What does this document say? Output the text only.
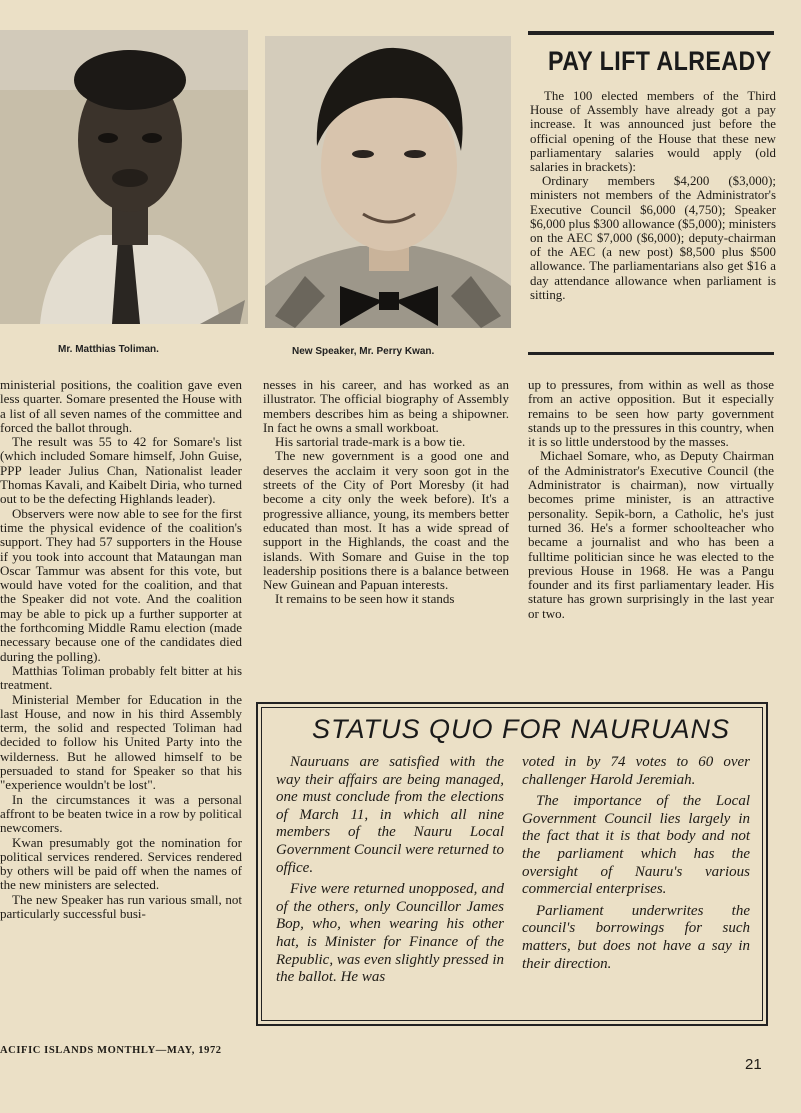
Mr. Matthias Toliman.	New Speaker, Mr. Perry Kwan.
PAY LIFT ALREADY

The 100 elected members of the Third House of Assembly have already got a pay increase. It was announced just before the official opening of the House that these new parliamentary salaries would apply (old salaries in brackets):

Ordinary members $4,200 ($3,000); ministers not members of the Administrator's Executive Council $6,000 (4,750); Speaker $6,000 plus $300 allowance ($5,000); ministers on the AEC $7,000 ($6,000); deputy-chairman of the AEC (a new post) $8,500 plus $500 allowance. The parliamentarians also get $16 a day attendance allowance when parliament is sitting.

ministerial positions, the coalition gave even less quarter. Somare presented the House with a list of all seven names of the committee and forced the ballot through.

The result was 55 to 42 for Somare's list (which included Somare himself, John Guise, PPP leader Julius Chan, Nationalist leader Thomas Kavali, and Kaibelt Diria, who turned out to be the defecting Highlands leader).

Observers were now able to see for the first time the physical evidence of the coalition's support. They had 57 supporters in the House if you took into account that Mataungan man Oscar Tammur was absent for this vote, but would have voted for the coalition, and that the Speaker did not vote. And the coalition may be able to pick up a further supporter at the forthcoming Middle Ramu election (made necessary because one of the candidates died during the polling).

Matthias Toliman probably felt bitter at his treatment.

Ministerial Member for Education in the last House, and now in his third Assembly term, the solid and respected Toliman had decided to follow his United Party into the wilderness. But he allowed himself to be persuaded to stand for Speaker so that his "experience wouldn't be lost".

In the circumstances it was a personal affront to be beaten twice in a row by political newcomers.

Kwan presumably got the nomination for political services rendered. Services rendered by others will be paid off when the names of the new ministers are selected.

The new Speaker has run various small, not particularly successful busi-

nesses in his career, and has worked as an illustrator. The official biography of Assembly members describes him as being a shipowner. In fact he owns a small workboat.

His sartorial trade-mark is a bow tie.

The new government is a good one and deserves the acclaim it very soon got in the streets of the City of Port Moresby (it had become a city only the week before). It's a progressive alliance, young, its members better educated than most. It has a wide spread of support in the Highlands, the coast and the islands. With Somare and Guise in the top leadership positions there is a balance between New Guinean and Papuan interests.

It remains to be seen how it stands

up to pressures, from within as well as those from an active opposition. But it especially remains to be seen how party government stands up to the pressures in this country, when it is so little understood by the masses.

Michael Somare, who, as Deputy Chairman of the Administrator's Executive Council (the Administrator is chairman), now virtually becomes prime minister, is an attractive personality. Sepik-born, a Catholic, he's just turned 36. He's a former schoolteacher who became a journalist and who has been a fulltime politician since he was elected to the previous House in 1968. He was a Pangu founder and its first parliamentary leader. His stature has grown surprisingly in the last year or two.

STATUS QUO FOR NAURUANS

Nauruans are satisfied with the way their affairs are being managed, one must conclude from the elections of March 11, in which all nine members of the Nauru Local Government Council were returned to office.

Five were returned unopposed, and of the others, only Councillor James Bop, who, when wearing his other hat, is Minister for Finance of the Republic, was even slightly pressed in the ballot. He was

voted in by 74 votes to 60 over challenger Harold Jeremiah.

The importance of the Local Government Council lies largely in the fact that it is that body and not the parliament which has the oversight of Nauru's various commercial enterprises.

Parliament underwrites the council's borrowings for such matters, but does not have a say in their direction.

ACIFIC ISLANDS MONTHLY—MAY, 1972
21
